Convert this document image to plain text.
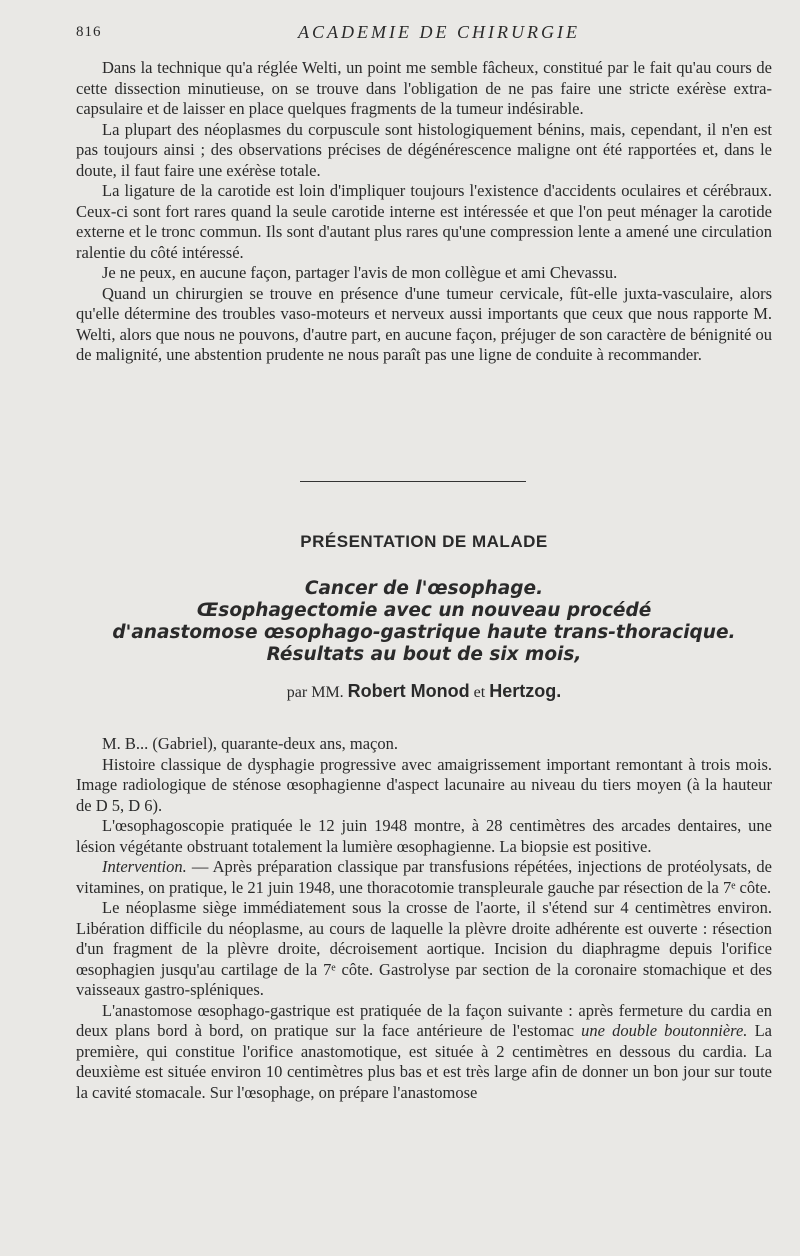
816	ACADEMIE DE CHIRURGIE

Dans la technique qu'a réglée Welti, un point me semble fâcheux, constitué par le fait qu'au cours de cette dissection minutieuse, on se trouve dans l'obligation de ne pas faire une stricte exérèse extra-capsulaire et de laisser en place quelques fragments de la tumeur indésirable.

La plupart des néoplasmes du corpuscule sont histologiquement bénins, mais, cependant, il n'en est pas toujours ainsi ; des observations précises de dégénérescence maligne ont été rapportées et, dans le doute, il faut faire une exérèse totale.

La ligature de la carotide est loin d'impliquer toujours l'existence d'accidents oculaires et cérébraux. Ceux-ci sont fort rares quand la seule carotide interne est intéressée et que l'on peut ménager la carotide externe et le tronc commun. Ils sont d'autant plus rares qu'une compression lente a amené une circulation ralentie du côté intéressé.

Je ne peux, en aucune façon, partager l'avis de mon collègue et ami Chevassu.

Quand un chirurgien se trouve en présence d'une tumeur cervicale, fût-elle juxta-vasculaire, alors qu'elle détermine des troubles vaso-moteurs et nerveux aussi importants que ceux que nous rapporte M. Welti, alors que nous ne pouvons, d'autre part, en aucune façon, préjuger de son caractère de bénignité ou de malignité, une abstention prudente ne nous paraît pas une ligne de conduite à recommander.

PRÉSENTATION DE MALADE
Cancer de l'œsophage.
Œsophagectomie avec un nouveau procédé
d'anastomose œsophago-gastrique haute trans-thoracique.
Résultats au bout de six mois,
par MM. Robert Monod et Hertzog.

M. B... (Gabriel), quarante-deux ans, maçon.

Histoire classique de dysphagie progressive avec amaigrissement important remontant à trois mois. Image radiologique de sténose œsophagienne d'aspect lacunaire au niveau du tiers moyen (à la hauteur de D 5, D 6).

L'œsophagoscopie pratiquée le 12 juin 1948 montre, à 28 centimètres des arcades dentaires, une lésion végétante obstruant totalement la lumière œsophagienne. La biopsie est positive.

Intervention. — Après préparation classique par transfusions répétées, injections de protéolysats, de vitamines, on pratique, le 21 juin 1948, une thoracotomie transpleurale gauche par résection de la 7ᵉ côte.

Le néoplasme siège immédiatement sous la crosse de l'aorte, il s'étend sur 4 centimètres environ. Libération difficile du néoplasme, au cours de laquelle la plèvre droite adhérente est ouverte : résection d'un fragment de la plèvre droite, décroisement aortique. Incision du diaphragme depuis l'orifice œsophagien jusqu'au cartilage de la 7ᵉ côte. Gastrolyse par section de la coronaire stomachique et des vaisseaux gastro-spléniques.

L'anastomose œsophago-gastrique est pratiquée de la façon suivante : après fermeture du cardia en deux plans bord à bord, on pratique sur la face antérieure de l'estomac une double boutonnière. La première, qui constitue l'orifice anastomotique, est située à 2 centimètres en dessous du cardia. La deuxième est située environ 10 centimètres plus bas et est très large afin de donner un bon jour sur toute la cavité stomacale. Sur l'œsophage, on prépare l'anastomose
